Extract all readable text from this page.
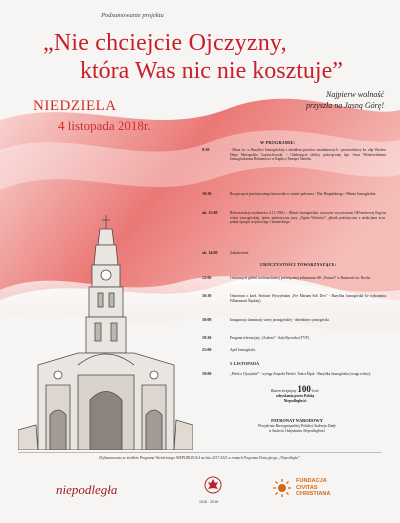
Podsumowanie projektu
„Nie chciejcie Ojczyzny,
która Was nic nie kosztuje”
Najpierw wolność
przyszła na Jasną Górę!
NIEDZIELA
4 listopada 2018r.
W PROGRAMIE:
9:30	- Msza św. w Bazylice Jasnogórskiej z udziałem pocztów sztandarowych - przewodniczy ks. abp Wacław Depo Metropolita Częstochowski. - Odsłonięcie tablicy poświęconej kpt. Artur Wiśniewskiemu Jasnogórskiemu Bohaterowi w Kaplicy Pamięci Narodu.
10:30	Rozpoczęcie patriotycznego korowodu w rytmie poloneza - Plac Biegańskiego - Błonia Jasnogórskie.
ok. 11:00	Rekonstrukcja wydarzeń z 4.11.1918 r. - Błonie Jasnogórskie, uroczyste wywieszenie 100-metrowej flagi na wieży jasnogórskiej, śpiew patriotyczny przy „Ogniu Wolności”, piknik patriotyczny z atrakcjami m.in. pokaz sprzętu wojskowego i strażackiego.
ok. 14:00	Zakończenie.
UROCZYSTOŚCI TOWARZYSZĄCE:
12:00	Odsłonięcie galerii multimedialnej poświęconej żołnierzom AK „Parasol” w Bastionie św. Rocha.
16:30	Oratorium o kard. Stefanie Wyszyńskim „Per Mariam Soli Deo” - Bazylika Jasnogórska (w wykonaniu Filharmonii Śląskiej).
18:00	Inauguracja iluminacji wieży jasnogórskiej - dziedziniec jasnogórski.
19:30	Program telewizyjny „Ocaleni” - Sala Rycerska (TVP).
21:00	Apel Jasnogórski.
5 LISTOPADA
19:00	„Pieśń o Ojczyźnie” - występ Zespołu Pieśni i Tańca Śląsk - Bazylika Jasnogórska (wstęp wolny).
Razem świętujmy 100-lecie
odzyskania przez Polskę
Niepodległości
PATRONAT NARODOWY
Prezydenta Rzeczypospolitej Polskiej Andrzeja Dudy
w Stuleciu Odzyskania Niepodległości
Dofinansowano ze środków Programu Wieloletniego NIEPODLEGŁA na lata 2017-2021 w ramach Programu Dotacyjnego „Niepodległa”.
niepodległa
1918 · 2018
FUNDACJA
CIVITAS
CHRISTIANA
